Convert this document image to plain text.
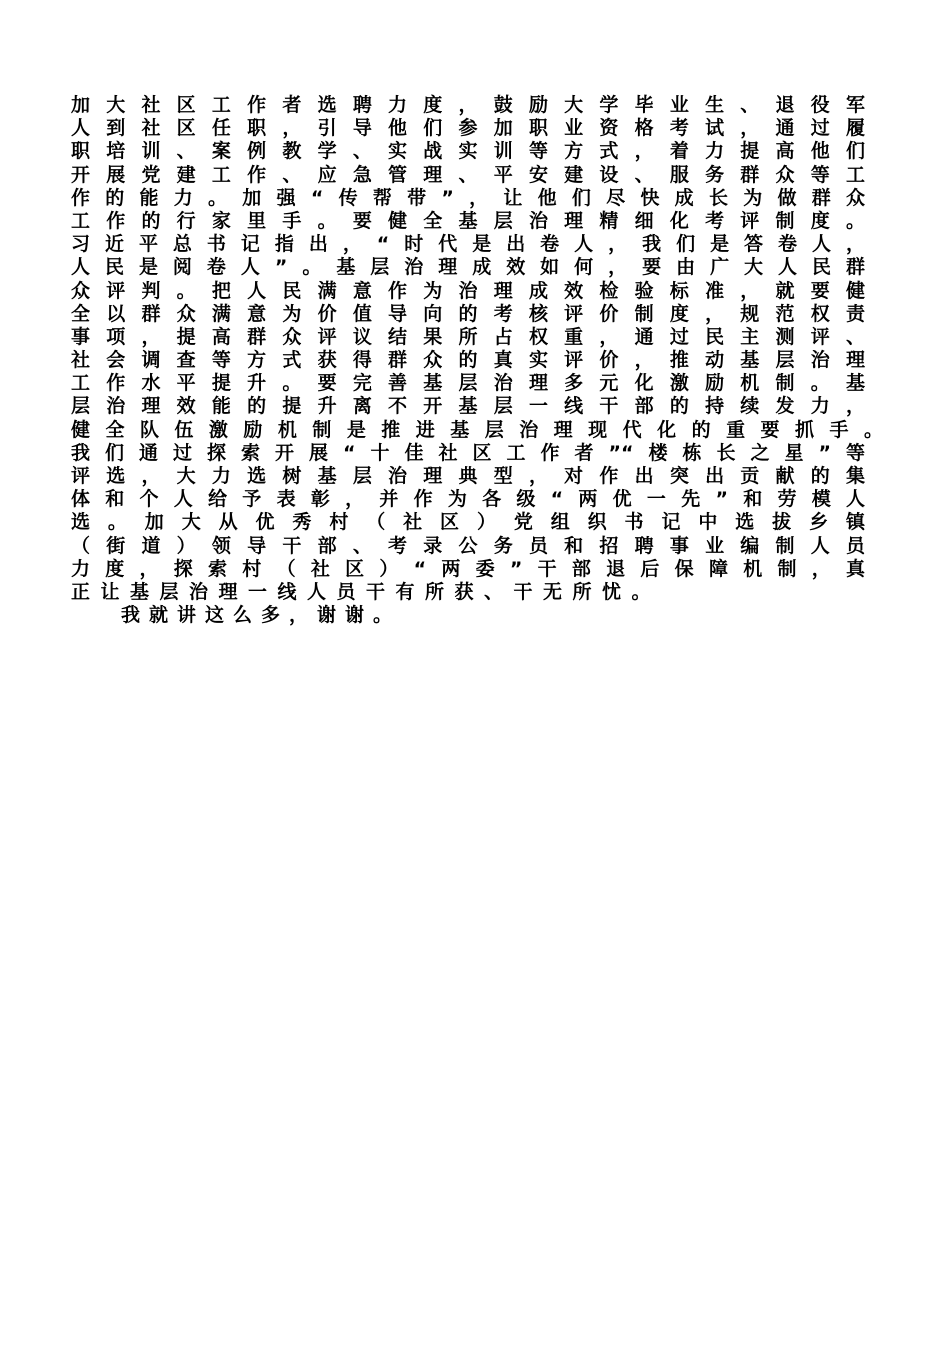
加大社区工作者选聘力度，鼓励大学毕业生、退役军
人到社区任职，引导他们参加职业资格考试，通过履
职培训、案例教学、实战实训等方式，着力提高他们
开展党建工作、应急管理、平安建设、服务群众等工
作的能力。加强“传帮带”，让他们尽快成长为做群众
工作的行家里手。要健全基层治理精细化考评制度。
习近平总书记指出，“时代是出卷人，我们是答卷人，
人民是阅卷人”。基层治理成效如何，要由广大人民群
众评判。把人民满意作为治理成效检验标准，就要健
全以群众满意为价值导向的考核评价制度，规范权责
事项，提高群众评议结果所占权重，通过民主测评、
社会调查等方式获得群众的真实评价，推动基层治理
工作水平提升。要完善基层治理多元化激励机制。基
层治理效能的提升离不开基层一线干部的持续发力，
健全队伍激励机制是推进基层治理现代化的重要抓手。
我们通过探索开展“十佳社区工作者”“楼栋长之星”等
评选，大力选树基层治理典型，对作出突出贡献的集
体和个人给予表彰，并作为各级“两优一先”和劳模人
选。加大从优秀村（社区）党组织书记中选拔乡镇
（街道）领导干部、考录公务员和招聘事业编制人员
力度，探索村（社区）“两委”干部退后保障机制，真
正让基层治理一线人员干有所获、干无所忧。
我就讲这么多，谢谢。
